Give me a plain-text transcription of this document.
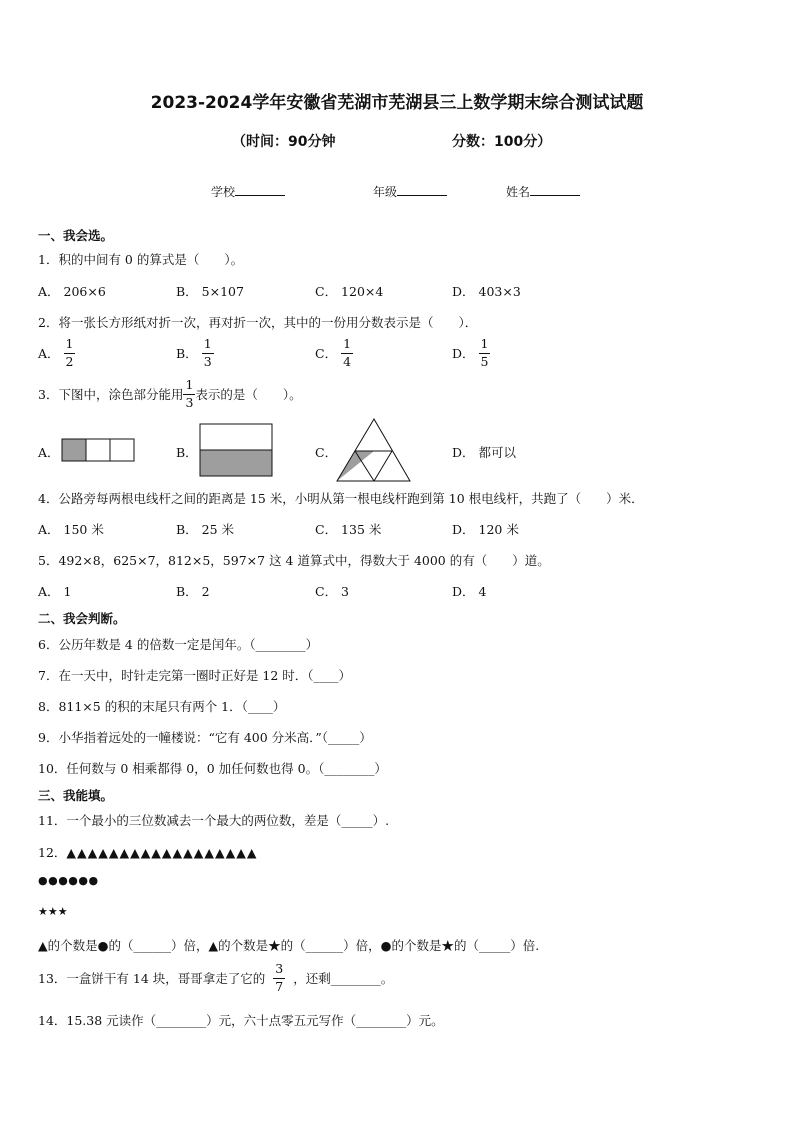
2023-2024学年安徽省芜湖市芜湖县三上数学期末综合测试试题
（时间：90分钟	分数：100分）
学校	年级	姓名
一、我会选。
1．积的中间有 0 的算式是（　　）。
A． 206×6	B． 5×107	C． 120×4	D． 403×3
2．将一张长方形纸对折一次，再对折一次，其中的一份用分数表示是（　　）．
A． $\frac{1}{2}$	B． $\frac{1}{3}$	C． $\frac{1}{4}$	D． $\frac{1}{5}$
3．下图中，涂色部分能用 $\frac{1}{3}$ 表示的是（　　）。
A．	B．	C．	D． 都可以
4．公路旁每两根电线杆之间的距离是 15 米，小明从第一根电线杆跑到第 10 根电线杆，共跑了（　　）米．
A． 150 米	B． 25 米	C． 135 米	D． 120 米
5．492×8，625×7，812×5，597×7 这 4 道算式中，得数大于 4000 的有（　　）道。
A． 1	B． 2	C． 3	D． 4
二、我会判断。
6．公历年数是 4 的倍数一定是闰年。（________）
7．在一天中，时针走完第一圈时正好是 12 时．（____）
8．811×5 的积的末尾只有两个 1．（____）
9．小华指着远处的一幢楼说：“它有 400 分米高．”（_____）
10．任何数与 0 相乘都得 0，0 加任何数也得 0。（________）
三、我能填。
11．一个最小的三位数减去一个最大的两位数，差是（_____）.
12．▲▲▲▲▲▲▲▲▲▲▲▲▲▲▲▲▲▲
●●●●●●
★★★
▲的个数是●的（______）倍，▲的个数是★的（______）倍，●的个数是★的（_____）倍.
13．一盒饼干有 14 块，哥哥拿走了它的 $\frac{3}{7}$ ，还剩________。
14．15.38 元读作（________）元，六十点零五元写作（________）元。
